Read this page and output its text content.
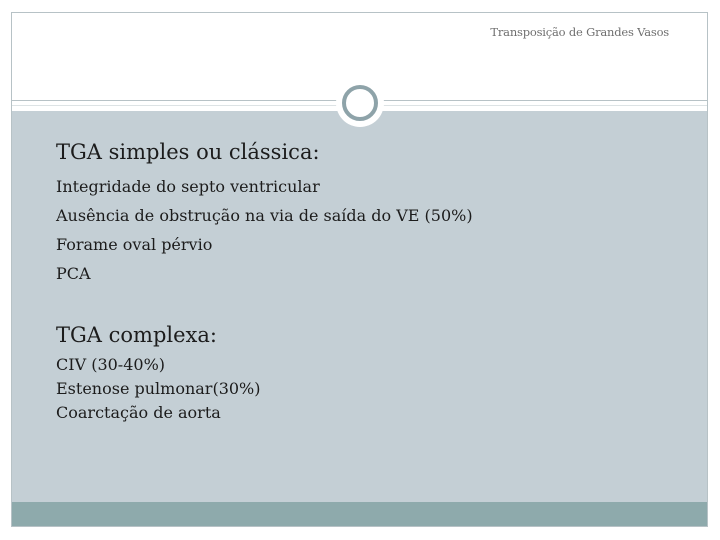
Transposição de Grandes Vasos

TGA simples ou clássica:

Integridade do septo ventricular

Ausência de obstrução na via de saída do VE (50%)

Forame oval pérvio

PCA

TGA complexa:

CIV (30-40%)

Estenose pulmonar(30%)

Coarctação de aorta
